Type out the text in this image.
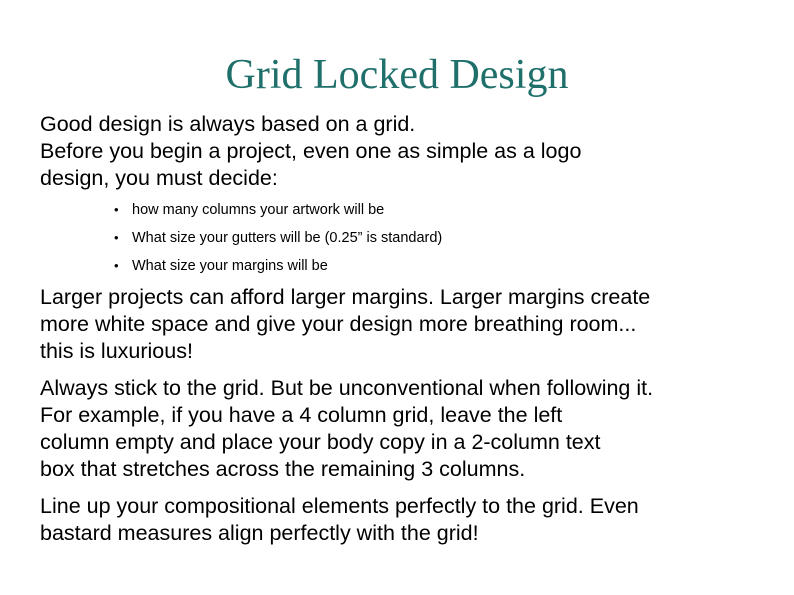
Grid Locked Design

Good design is always based on a grid.
Before you begin a project, even one as simple as a logo
design, you must decide:

• how many columns your artwork will be
• What size your gutters will be (0.25” is standard)
• What size your margins will be

Larger projects can afford larger margins. Larger margins create
more white space and give your design more breathing room...
this is luxurious!

Always stick to the grid. But be unconventional when following it.
For example, if you have a 4 column grid, leave the left
column empty and place your body copy in a 2-column text
box that stretches across the remaining 3 columns.

Line up your compositional elements perfectly to the grid. Even
bastard measures align perfectly with the grid!
